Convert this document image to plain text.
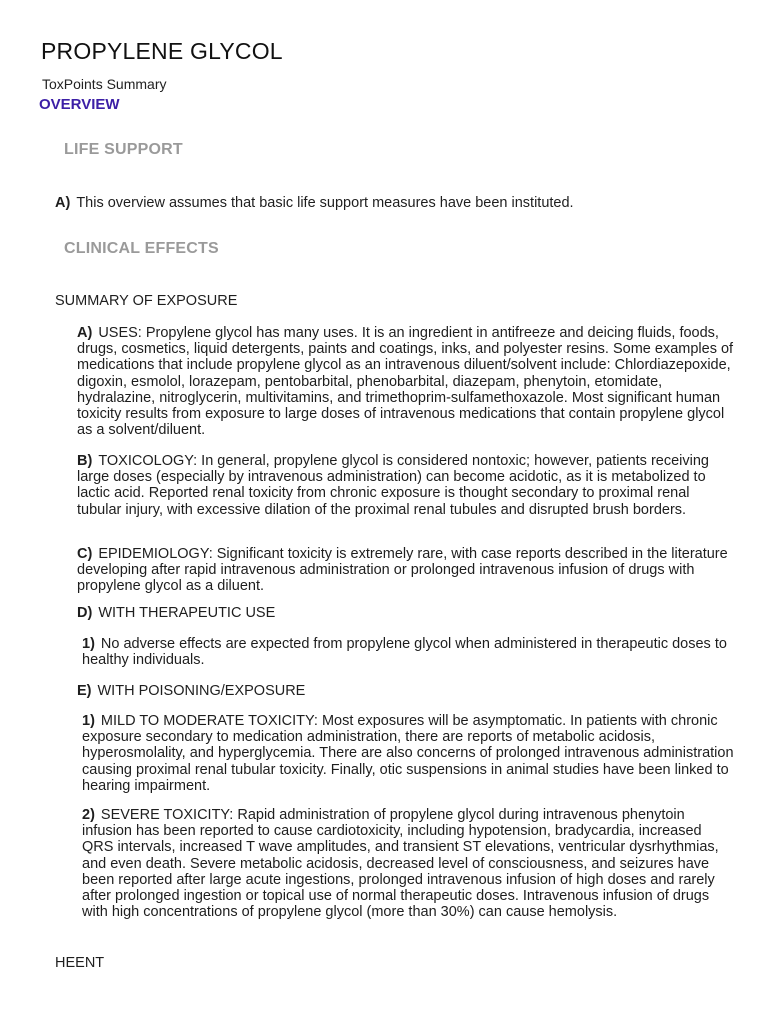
PROPYLENE GLYCOL
ToxPoints Summary
OVERVIEW
LIFE SUPPORT
A) This overview assumes that basic life support measures have been instituted.
CLINICAL EFFECTS
SUMMARY OF EXPOSURE
A) USES: Propylene glycol has many uses. It is an ingredient in antifreeze and deicing fluids, foods, drugs, cosmetics, liquid detergents, paints and coatings, inks, and polyester resins. Some examples of medications that include propylene glycol as an intravenous diluent/solvent include: Chlordiazepoxide, digoxin, esmolol, lorazepam, pentobarbital, phenobarbital, diazepam, phenytoin, etomidate, hydralazine, nitroglycerin, multivitamins, and trimethoprim-sulfamethoxazole. Most significant human toxicity results from exposure to large doses of intravenous medications that contain propylene glycol as a solvent/diluent.
B) TOXICOLOGY: In general, propylene glycol is considered nontoxic; however, patients receiving large doses (especially by intravenous administration) can become acidotic, as it is metabolized to lactic acid. Reported renal toxicity from chronic exposure is thought secondary to proximal renal tubular injury, with excessive dilation of the proximal renal tubules and disrupted brush borders.
C) EPIDEMIOLOGY: Significant toxicity is extremely rare, with case reports described in the literature developing after rapid intravenous administration or prolonged intravenous infusion of drugs with propylene glycol as a diluent.
D) WITH THERAPEUTIC USE
1) No adverse effects are expected from propylene glycol when administered in therapeutic doses to healthy individuals.
E) WITH POISONING/EXPOSURE
1) MILD TO MODERATE TOXICITY: Most exposures will be asymptomatic. In patients with chronic exposure secondary to medication administration, there are reports of metabolic acidosis, hyperosmolality, and hyperglycemia. There are also concerns of prolonged intravenous administration causing proximal renal tubular toxicity. Finally, otic suspensions in animal studies have been linked to hearing impairment.
2) SEVERE TOXICITY: Rapid administration of propylene glycol during intravenous phenytoin infusion has been reported to cause cardiotoxicity, including hypotension, bradycardia, increased QRS intervals, increased T wave amplitudes, and transient ST elevations, ventricular dysrhythmias, and even death. Severe metabolic acidosis, decreased level of consciousness, and seizures have been reported after large acute ingestions, prolonged intravenous infusion of high doses and rarely after prolonged ingestion or topical use of normal therapeutic doses. Intravenous infusion of drugs with high concentrations of propylene glycol (more than 30%) can cause hemolysis.
HEENT
